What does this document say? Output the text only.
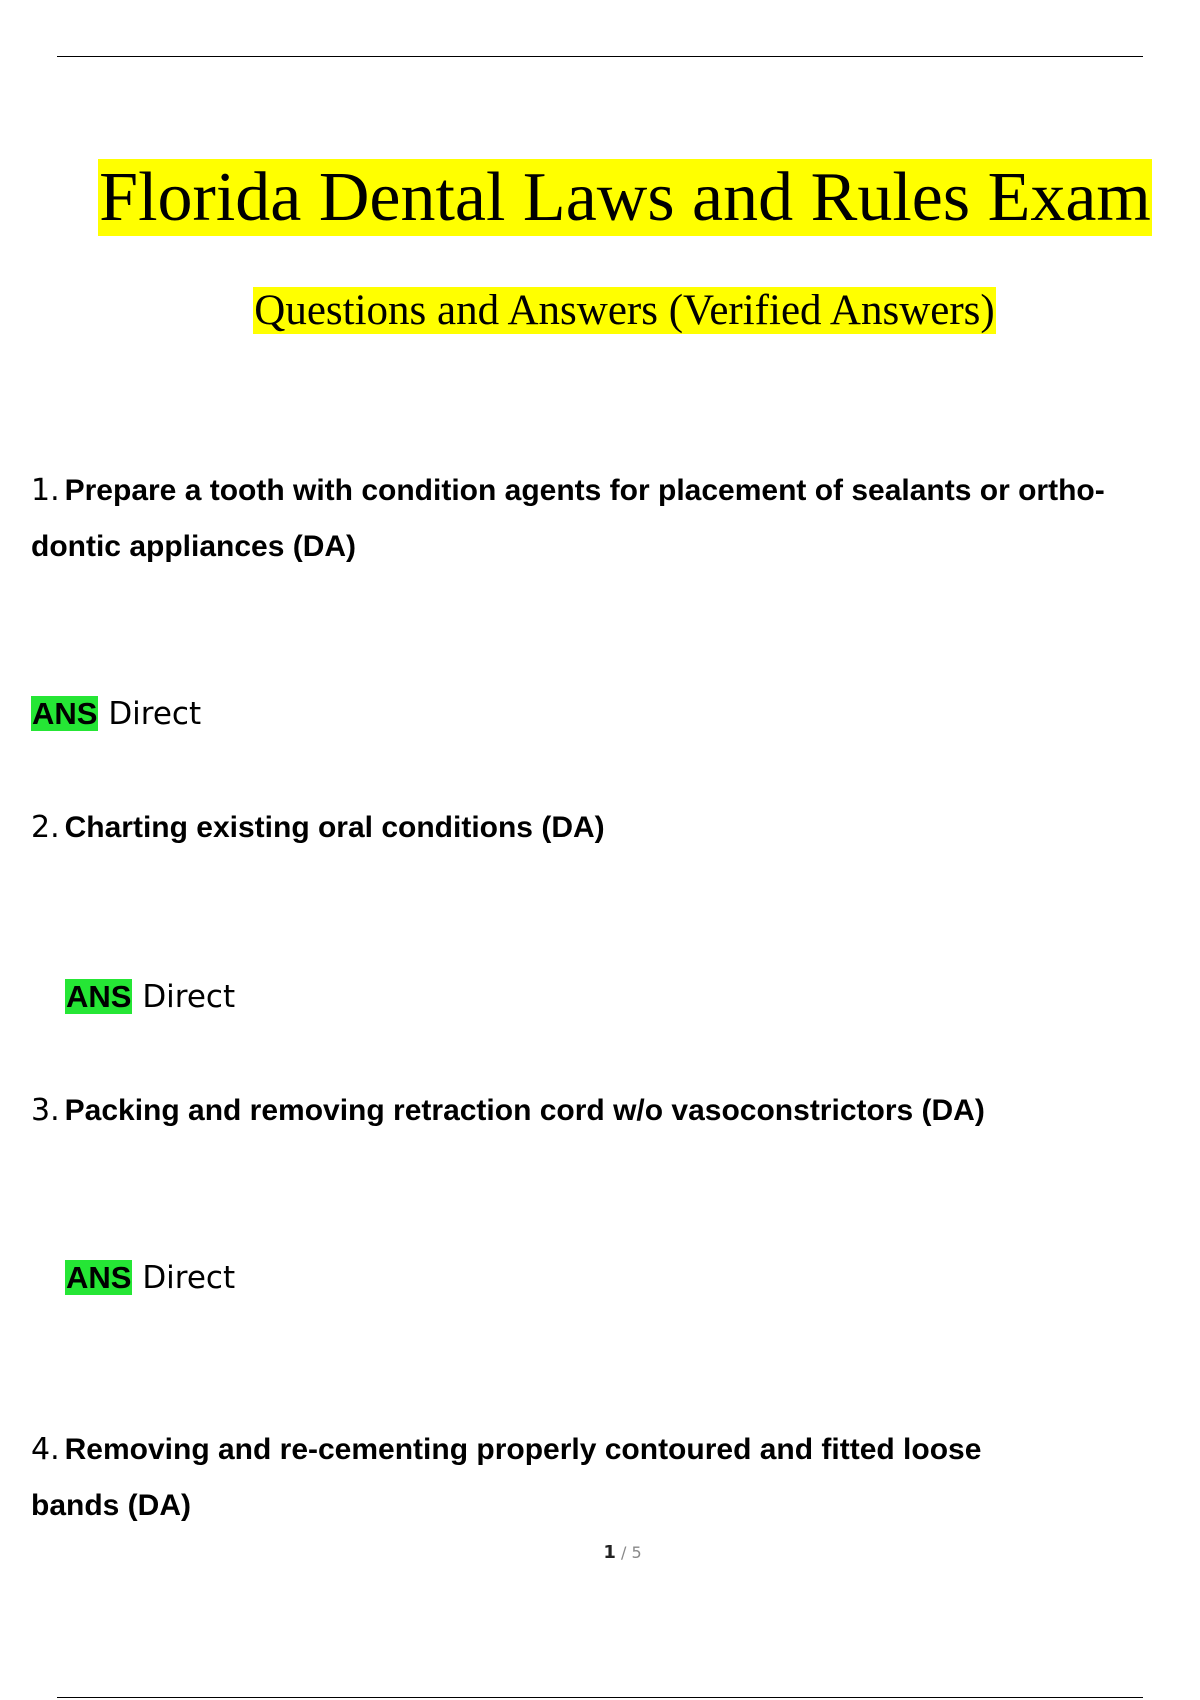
Florida Dental Laws and Rules Exam
Questions and Answers (Verified Answers)

1. Prepare a tooth with condition agents for placement of sealants or ortho- dontic appliances (DA)

ANS Direct

2. Charting existing oral conditions (DA)

ANS Direct

3. Packing and removing retraction cord w/o vasoconstrictors (DA)

ANS Direct

4. Removing and re-cementing properly contoured and fitted loose bands (DA)

1 / 5
